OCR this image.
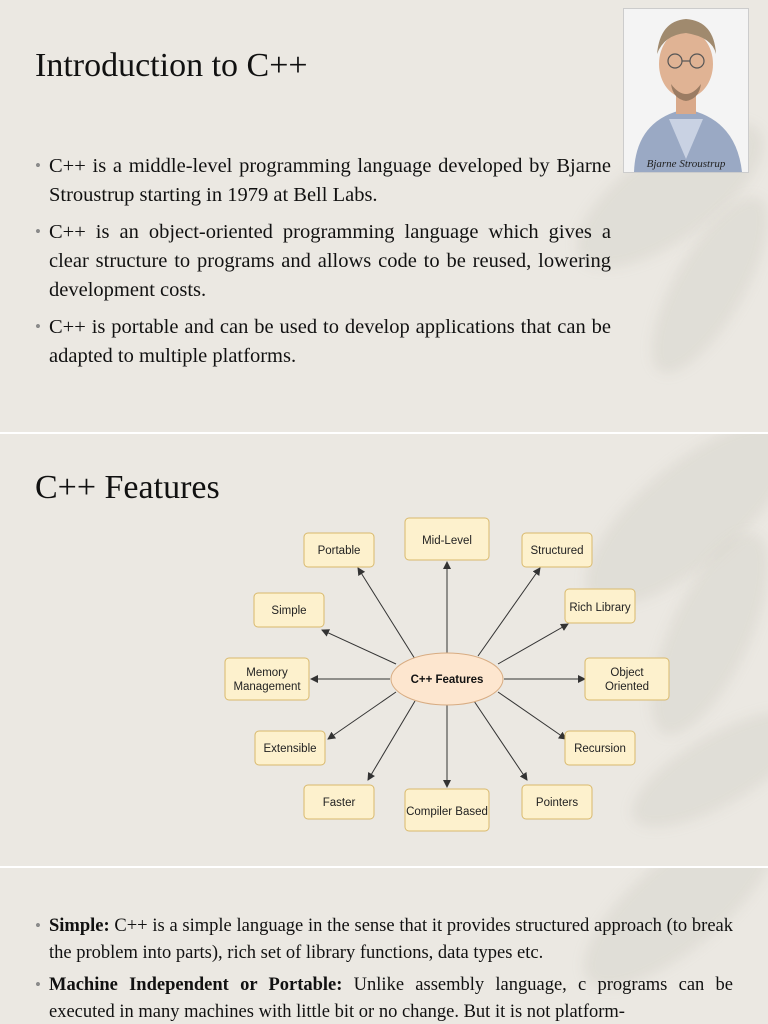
Introduction to C++
• C++ is a middle-level programming language developed by Bjarne Stroustrup starting in 1979 at Bell Labs.
• C++ is an object-oriented programming language which gives a clear structure to programs and allows code to be reused, lowering development costs.
• C++ is portable and can be used to develop applications that can be adapted to multiple platforms.
Bjarne Stroustrup
C++ Features
Mid-Level
Portable	Structured
Simple	Rich Library
Memory
Management
Object
Oriented
Extensible	Recursion
Faster
Compiler Based
Pointers
C++ Features
• Simple: C++ is a simple language in the sense that it provides structured approach (to break the problem into parts), rich set of library functions, data types etc.
• Machine Independent or Portable: Unlike assembly language, c programs can be executed in many machines with little bit or no change. But it is not platform-
